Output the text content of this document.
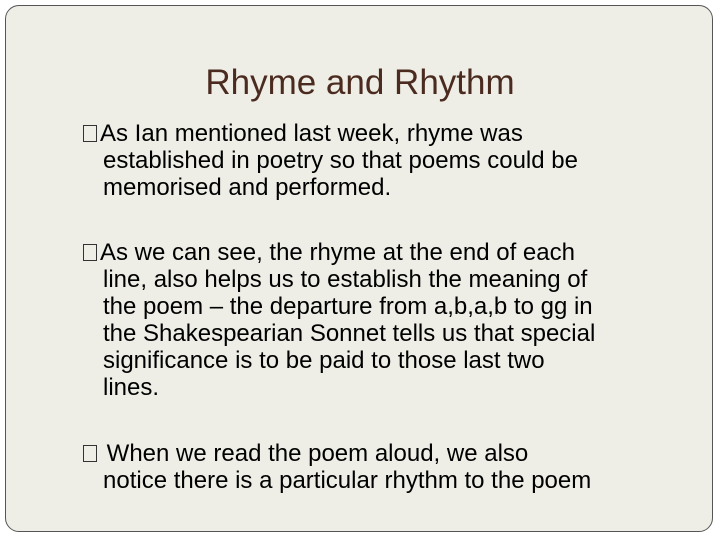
Rhyme and Rhythm
As Ian mentioned last week, rhyme was
established in poetry so that poems could be
memorised and performed.
As we can see, the rhyme at the end of each
line, also helps us to establish the meaning of
the poem – the departure from a,b,a,b to gg in
the Shakespearian Sonnet tells us that special
significance is to be paid to those last two
lines.
When we read the poem aloud, we also
notice there is a particular rhythm to the poem
